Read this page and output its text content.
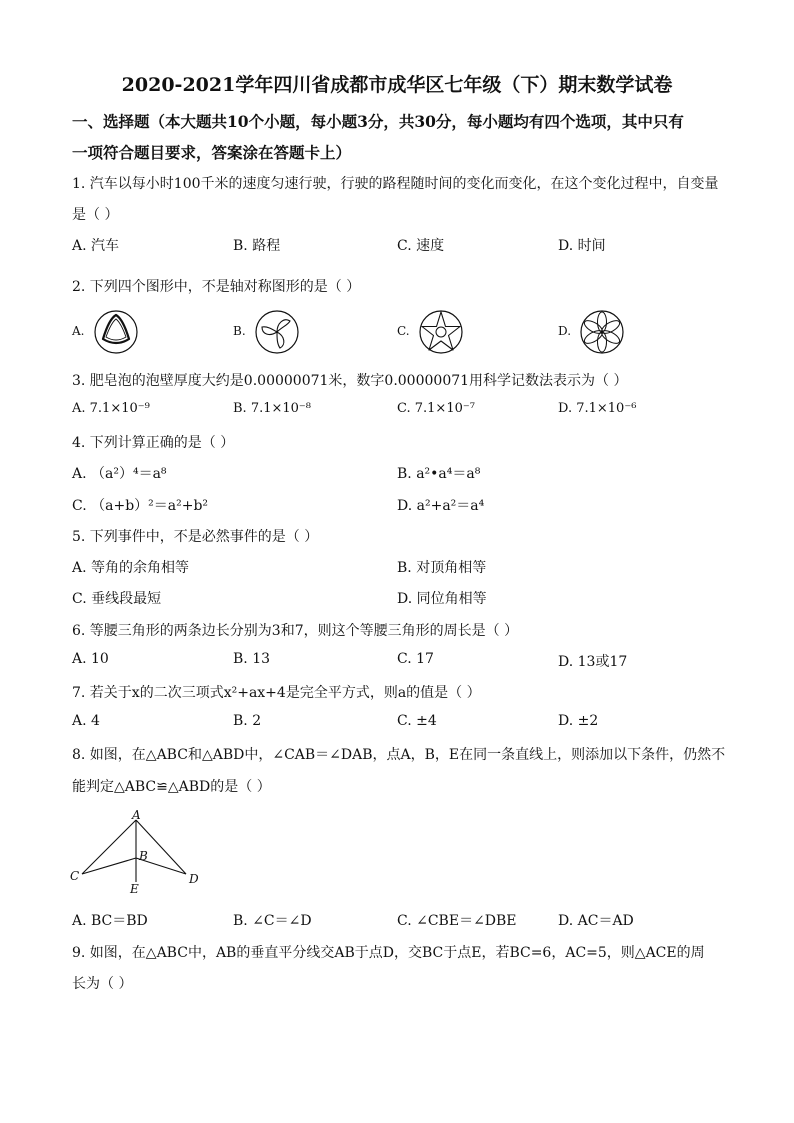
2020-2021学年四川省成都市成华区七年级（下）期末数学试卷
一、选择题（本大题共10个小题，每小题3分，共30分，每小题均有四个选项，其中只有
一项符合题目要求，答案涂在答题卡上）
1. 汽车以每小时100千米的速度匀速行驶，行驶的路程随时间的变化而变化，在这个变化过程中，自变量
是（ ）
A. 汽车	B. 路程	C. 速度	D. 时间
2. 下列四个图形中，不是轴对称图形的是（ ）
A.	B.	C.	D.
3. 肥皂泡的泡壁厚度大约是0.00000071米，数字0.00000071用科学记数法表示为（ ）
A. 7.1×10⁻⁹	B. 7.1×10⁻⁸	C. 7.1×10⁻⁷	D. 7.1×10⁻⁶
4. 下列计算正确的是（ ）
A. （a²）⁴＝a⁸	B. a²•a⁴＝a⁸
C. （a+b）²＝a²+b²	D. a²+a²＝a⁴
5. 下列事件中，不是必然事件的是（ ）
A. 等角的余角相等	B. 对顶角相等
C. 垂线段最短	D. 同位角相等
6. 等腰三角形的两条边长分别为3和7，则这个等腰三角形的周长是（ ）
A. 10	B. 13	C. 17	D. 13或17
7. 若关于x的二次三项式x²+ax+4是完全平方式，则a的值是（ ）
A. 4	B. 2	C. ±4	D. ±2
8. 如图，在△ABC和△ABD中，∠CAB＝∠DAB，点A，B，E在同一条直线上，则添加以下条件，仍然不
能判定△ABC≌△ABD的是（ ）
A
B
C	D
E
A. BC＝BD	B. ∠C＝∠D	C. ∠CBE＝∠DBE	D. AC＝AD
9. 如图，在△ABC中，AB的垂直平分线交AB于点D，交BC于点E，若BC=6，AC=5，则△ACE的周
长为（ ）
